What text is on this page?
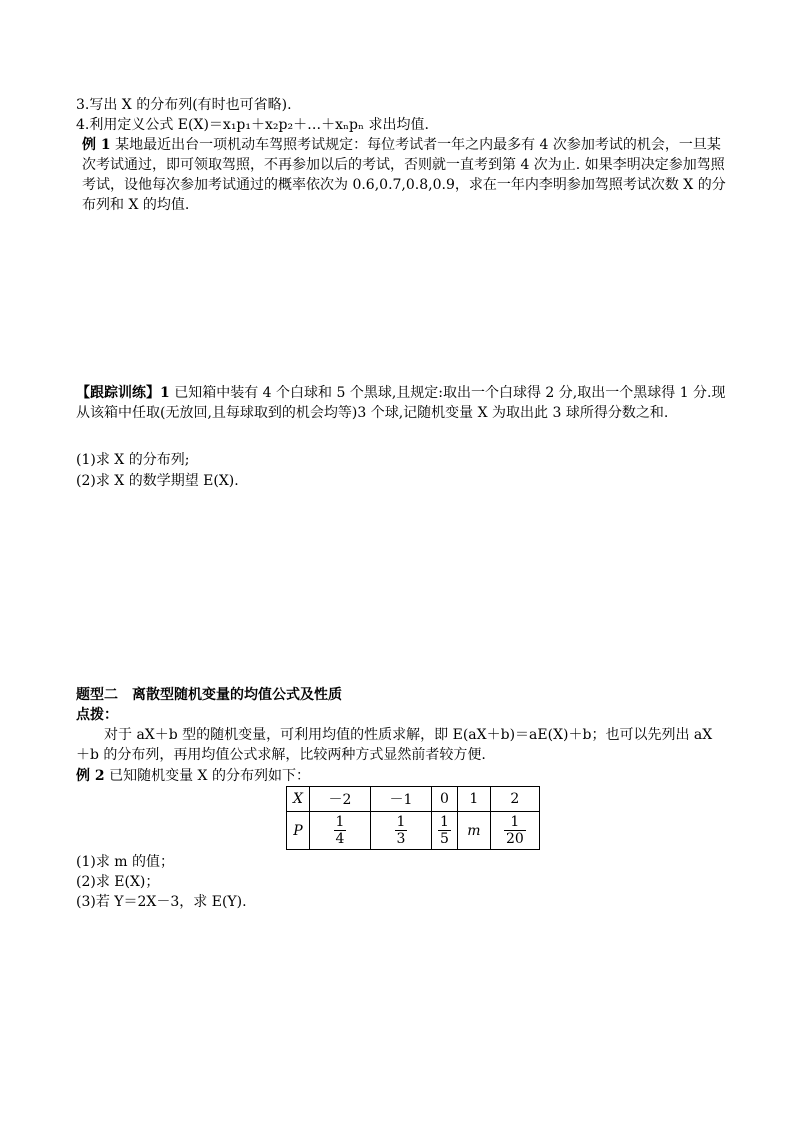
3.写出 X 的分布列(有时也可省略).
4.利用定义公式 E(X)＝x₁p₁＋x₂p₂＋…＋xₙpₙ 求出均值.
例 1 某地最近出台一项机动车驾照考试规定：每位考试者一年之内最多有 4 次参加考试的机会，一旦某次考试通过，即可领取驾照，不再参加以后的考试，否则就一直考到第 4 次为止. 如果李明决定参加驾照考试，设他每次参加考试通过的概率依次为 0.6,0.7,0.8,0.9，求在一年内李明参加驾照考试次数 X 的分布列和 X 的均值.
【跟踪训练】1 已知箱中装有 4 个白球和 5 个黑球,且规定:取出一个白球得 2 分,取出一个黑球得 1 分.现从该箱中任取(无放回,且每球取到的机会均等)3 个球,记随机变量 X 为取出此 3 球所得分数之和.
(1)求 X 的分布列;
(2)求 X 的数学期望 E(X).
题型二　离散型随机变量的均值公式及性质
点拨：
对于 aX＋b 型的随机变量，可利用均值的性质求解，即 E(aX＋b)＝aE(X)＋b；也可以先列出 aX＋b 的分布列，再用均值公式求解，比较两种方式显然前者较方便.
例 2 已知随机变量 X 的分布列如下：
X	－2	－1	0	1	2
P	$\frac{1}{4}$	$\frac{1}{3}$	$\frac{1}{5}$	m	$\frac{1}{20}$
(1)求 m 的值；
(2)求 E(X)；
(3)若 Y＝2X－3，求 E(Y).
